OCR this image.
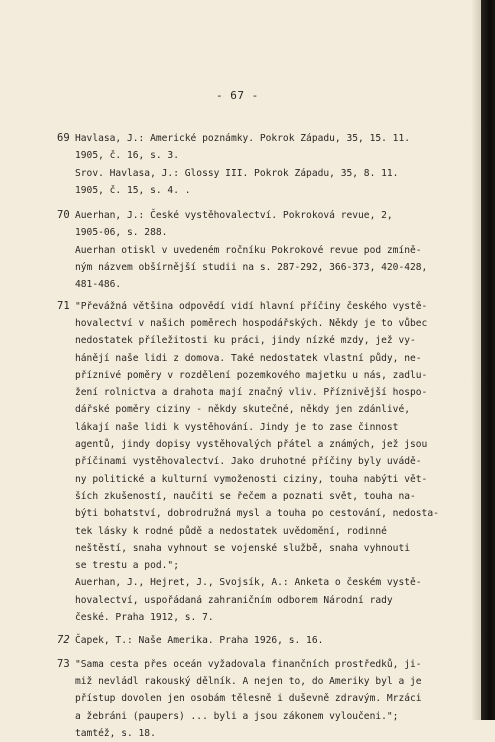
- 67 -
69 Havlasa, J.: Americké poznámky. Pokrok Západu, 35, 15. 11.
1905, č. 16, s. 3.
Srov. Havlasa, J.: Glossy III. Pokrok Západu, 35, 8. 11.
1905, č. 15, s. 4. .
70 Auerhan, J.: České vystěhovalectví. Pokroková revue, 2,
1905-06, s. 288.
Auerhan otiskl v uvedeném ročníku Pokrokové revue pod zmíně-
ným názvem obšírnější studii na s. 287-292, 366-373, 420-428,
481-486.
71 "Převážná většina odpovědí vidí hlavní příčiny českého vystě-
hovalectví v našich poměrech hospodářských. Někdy je to vůbec
nedostatek příležitosti ku práci, jindy nízké mzdy, jež vy-
hánějí naše lidi z domova. Také nedostatek vlastní půdy, ne-
příznivé poměry v rozdělení pozemkového majetku u nás, zadlu-
žení rolnictva a drahota mají značný vliv. Příznivější hospo-
dářské poměry ciziny - někdy skutečné, někdy jen zdánlivé,
lákají naše lidi k vystěhování. Jindy je to zase činnost
agentů, jindy dopisy vystěhovalých přátel a známých, jež jsou
příčinami vystěhovalectví. Jako druhotné příčiny byly uvádě-
ny politické a kulturní vymoženosti ciziny, touha nabýti vět-
ších zkušeností, naučiti se řečem a poznati svět, touha na-
býti bohatství, dobrodružná mysl a touha po cestování, nedosta-
tek lásky k rodné půdě a nedostatek uvědomění, rodinné
neštěstí, snaha vyhnout se vojenské službě, snaha vyhnouti
se trestu a pod.";
Auerhan, J., Hejret, J., Svojsík, A.: Anketa o českém vystě-
hovalectví, uspořádaná zahraničním odborem Národní rady
české. Praha 1912, s. 7.
72 Čapek, T.: Naše Amerika. Praha 1926, s. 16.
73 "Sama cesta přes oceán vyžadovala finančních prostředků, ji-
miž nevládl rakouský dělník. A nejen to, do Ameriky byl a je
přístup dovolen jen osobám tělesně i duševně zdravým. Mrzáci
a žebráni (paupers) ... byli a jsou zákonem vyloučeni.";
tamtéž, s. 18.
